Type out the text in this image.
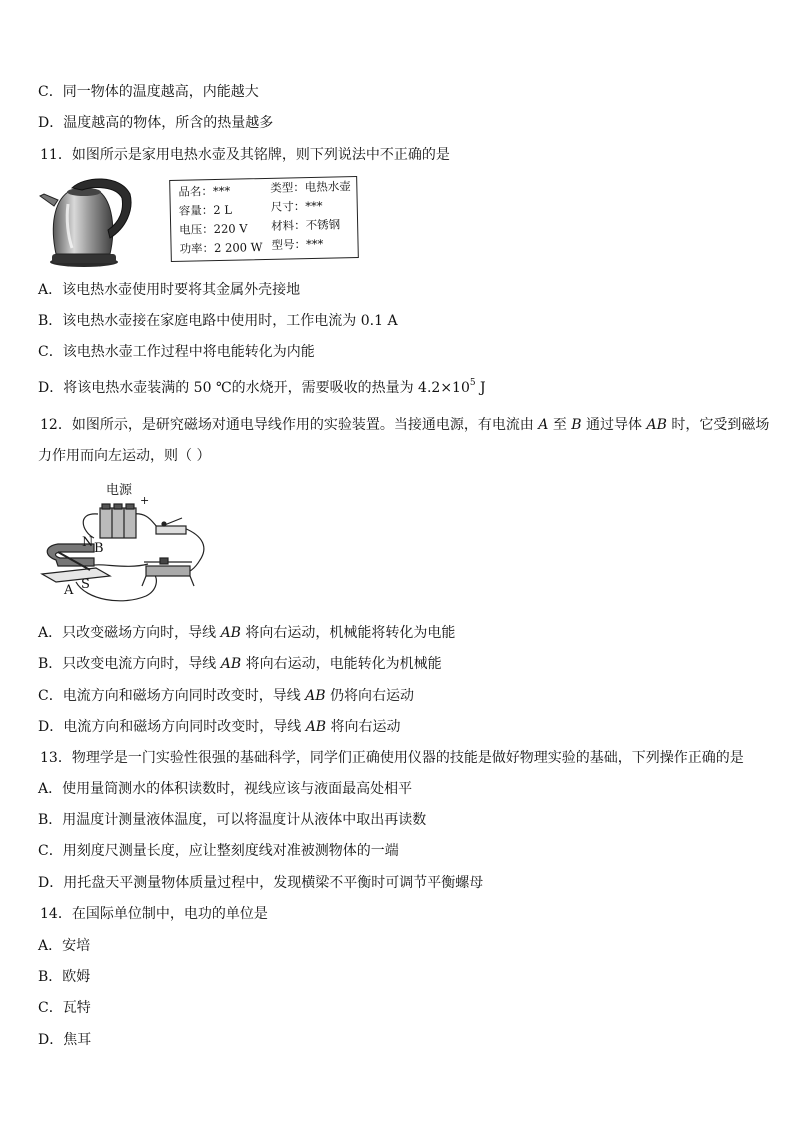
C．同一物体的温度越高，内能越大
D．温度越高的物体，所含的热量越多
11．如图所示是家用电热水壶及其铭牌，则下列说法中不正确的是
品名：***	类型：电热水壶
容量：2 L	尺寸：***
电压：220 V 材料：不锈钢
功率：2 200 W 型号：***
A．该电热水壶使用时要将其金属外壳接地
B．该电热水壶接在家庭电路中使用时，工作电流为 0.1 A
C．该电热水壶工作过程中将电能转化为内能
D．将该电热水壶装满的 50 ℃的水烧开，需要吸收的热量为 $4.2\times 10^5$ J
12．如图所示，是研究磁场对通电导线作用的实验装置。当接通电源，有电流由 A 至 B 通过导体 AB 时，它受到磁场
力作用而向左运动，则（ ）
电源
+
N B
S
A
A．只改变磁场方向时，导线 AB 将向右运动，机械能将转化为电能
B．只改变电流方向时，导线 AB 将向右运动，电能转化为机械能
C．电流方向和磁场方向同时改变时，导线 AB 仍将向右运动
D．电流方向和磁场方向同时改变时，导线 AB 将向右运动
13．物理学是一门实验性很强的基础科学，同学们正确使用仪器的技能是做好物理实验的基础，下列操作正确的是
A．使用量筒测水的体积读数时，视线应该与液面最高处相平
B．用温度计测量液体温度，可以将温度计从液体中取出再读数
C．用刻度尺测量长度，应让整刻度线对准被测物体的一端
D．用托盘天平测量物体质量过程中，发现横梁不平衡时可调节平衡螺母
14．在国际单位制中，电功的单位是
A．安培
B．欧姆
C．瓦特
D．焦耳
